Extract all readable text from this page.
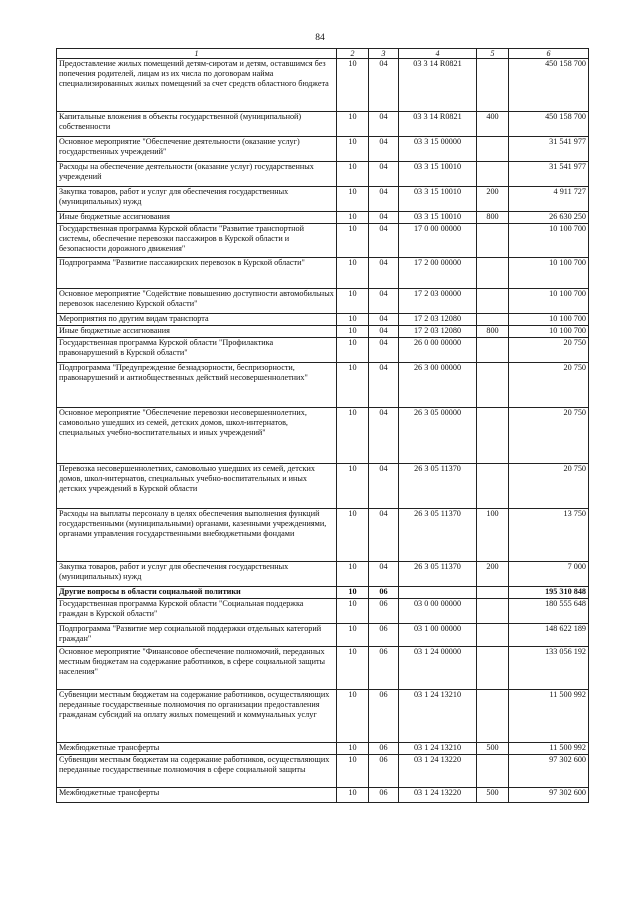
84
1	2	3	4	5	6
Предоставление жилых помещений детям-сиротам и детям, оставшимся без попечения родителей, лицам из их числа по договорам найма специализированных жилых помещений за счет средств областного бюджета	10	04	03 3 14 R0821		450 158 700
Капитальные вложения в объекты государственной (муниципальной) собственности	10	04	03 3 14 R0821	400	450 158 700
Основное мероприятие "Обеспечение деятельности (оказание услуг) государственных учреждений"	10	04	03 3 15 00000		31 541 977
Расходы на обеспечение деятельности (оказание услуг) государственных учреждений	10	04	03 3 15 10010		31 541 977
Закупка товаров, работ и услуг для обеспечения государственных (муниципальных) нужд	10	04	03 3 15 10010	200	4 911 727
Иные бюджетные ассигнования	10	04	03 3 15 10010	800	26 630 250
Государственная программа Курской области "Развитие транспортной системы, обеспечение перевозки пассажиров в Курской области и безопасности дорожного движения"	10	04	17 0 00 00000		10 100 700
Подпрограмма "Развитие пассажирских перевозок в Курской области"	10	04	17 2 00 00000		10 100 700
Основное мероприятие "Содействие повышению доступности автомобильных перевозок населению Курской области"	10	04	17 2 03 00000		10 100 700
Мероприятия по другим видам транспорта	10	04	17 2 03 12080		10 100 700
Иные бюджетные ассигнования	10	04	17 2 03 12080	800	10 100 700
Государственная программа Курской области "Профилактика правонарушений в Курской области"	10	04	26 0 00 00000		20 750
Подпрограмма "Предупреждение безнадзорности, беспризорности, правонарушений и антиобщественных действий несовершеннолетних"	10	04	26 3 00 00000		20 750
Основное мероприятие "Обеспечение перевозки несовершеннолетних, самовольно ушедших из семей, детских домов, школ-интернатов, специальных учебно-воспитательных и иных учреждений"	10	04	26 3 05 00000		20 750
Перевозка несовершеннолетних, самовольно ушедших из семей, детских домов, школ-интернатов, специальных учебно-воспитательных и иных детских учреждений в Курской области	10	04	26 3 05 11370		20 750
Расходы на выплаты персоналу в целях обеспечения выполнения функций государственными (муниципальными) органами, казенными учреждениями, органами управления государственными внебюджетными фондами	10	04	26 3 05 11370	100	13 750
Закупка товаров, работ и услуг для обеспечения государственных (муниципальных) нужд	10	04	26 3 05 11370	200	7 000
Другие вопросы в области социальной политики	10	06			195 310 848
Государственная программа Курской области "Социальная поддержка граждан в Курской области"	10	06	03 0 00 00000		180 555 648
Подпрограмма "Развитие мер социальной поддержки отдельных категорий граждан"	10	06	03 1 00 00000		148 622 189
Основное мероприятие "Финансовое обеспечение полномочий, переданных местным бюджетам на содержание работников, в сфере социальной защиты населения"	10	06	03 1 24 00000		133 056 192
Субвенции местным бюджетам на содержание работников, осуществляющих переданные государственные полномочия по организации предоставления гражданам субсидий на оплату жилых помещений и коммунальных услуг	10	06	03 1 24 13210		11 500 992
Межбюджетные трансферты	10	06	03 1 24 13210	500	11 500 992
Субвенции местным бюджетам на содержание работников, осуществляющих переданные государственные полномочия в сфере социальной защиты	10	06	03 1 24 13220		97 302 600
Межбюджетные трансферты	10	06	03 1 24 13220	500	97 302 600
